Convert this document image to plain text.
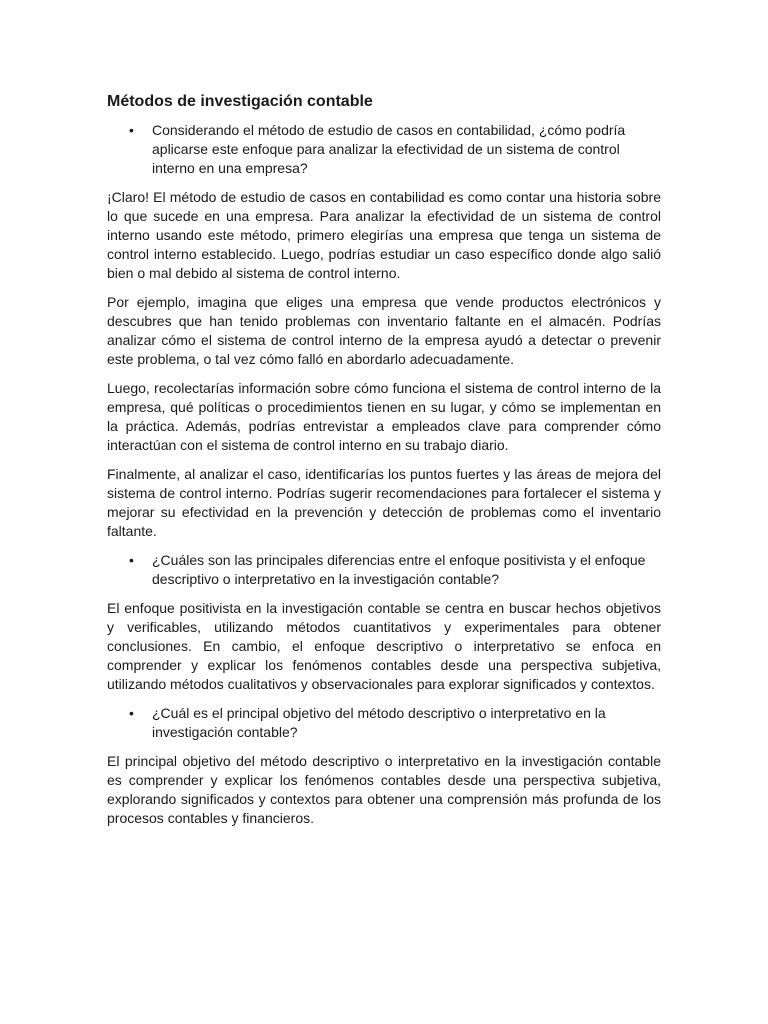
Métodos de investigación contable
• Considerando el método de estudio de casos en contabilidad, ¿cómo podría aplicarse este enfoque para analizar la efectividad de un sistema de control interno en una empresa?

¡Claro! El método de estudio de casos en contabilidad es como contar una historia sobre lo que sucede en una empresa. Para analizar la efectividad de un sistema de control interno usando este método, primero elegirías una empresa que tenga un sistema de control interno establecido. Luego, podrías estudiar un caso específico donde algo salió bien o mal debido al sistema de control interno.

Por ejemplo, imagina que eliges una empresa que vende productos electrónicos y descubres que han tenido problemas con inventario faltante en el almacén. Podrías analizar cómo el sistema de control interno de la empresa ayudó a detectar o prevenir este problema, o tal vez cómo falló en abordarlo adecuadamente.

Luego, recolectarías información sobre cómo funciona el sistema de control interno de la empresa, qué políticas o procedimientos tienen en su lugar, y cómo se implementan en la práctica. Además, podrías entrevistar a empleados clave para comprender cómo interactúan con el sistema de control interno en su trabajo diario.

Finalmente, al analizar el caso, identificarías los puntos fuertes y las áreas de mejora del sistema de control interno. Podrías sugerir recomendaciones para fortalecer el sistema y mejorar su efectividad en la prevención y detección de problemas como el inventario faltante.

• ¿Cuáles son las principales diferencias entre el enfoque positivista y el enfoque descriptivo o interpretativo en la investigación contable?

El enfoque positivista en la investigación contable se centra en buscar hechos objetivos y verificables, utilizando métodos cuantitativos y experimentales para obtener conclusiones. En cambio, el enfoque descriptivo o interpretativo se enfoca en comprender y explicar los fenómenos contables desde una perspectiva subjetiva, utilizando métodos cualitativos y observacionales para explorar significados y contextos.

• ¿Cuál es el principal objetivo del método descriptivo o interpretativo en la investigación contable?

El principal objetivo del método descriptivo o interpretativo en la investigación contable es comprender y explicar los fenómenos contables desde una perspectiva subjetiva, explorando significados y contextos para obtener una comprensión más profunda de los procesos contables y financieros.
